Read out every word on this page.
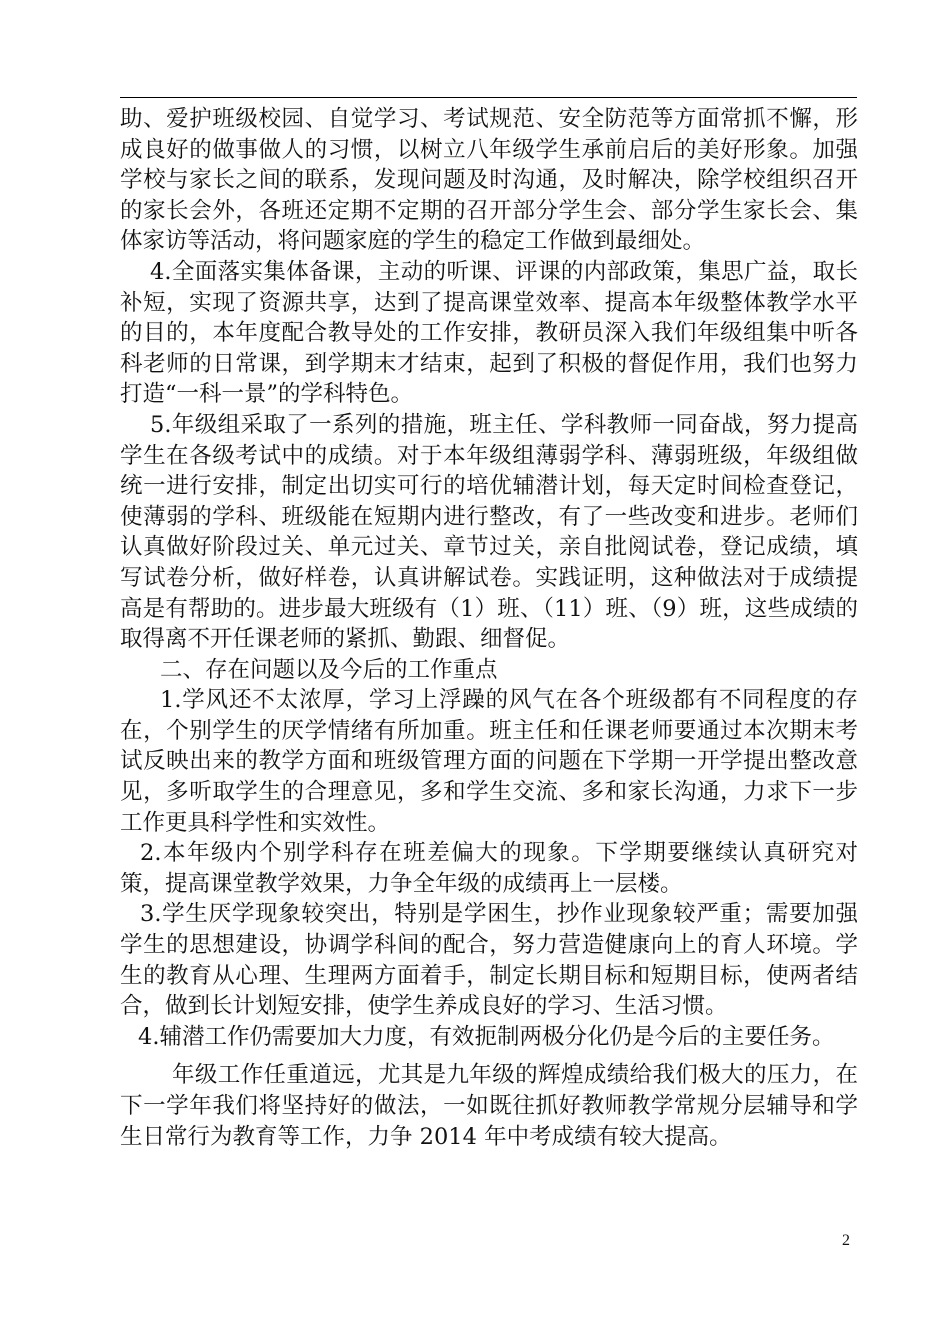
助、爱护班级校园、自觉学习、考试规范、安全防范等方面常抓不懈，形成良好的做事做人的习惯，以树立八年级学生承前启后的美好形象。加强学校与家长之间的联系，发现问题及时沟通，及时解决，除学校组织召开的家长会外，各班还定期不定期的召开部分学生会、部分学生家长会、集体家访等活动，将问题家庭的学生的稳定工作做到最细处。

4.全面落实集体备课，主动的听课、评课的内部政策，集思广益，取长补短，实现了资源共享，达到了提高课堂效率、提高本年级整体教学水平的目的，本年度配合教导处的工作安排，教研员深入我们年级组集中听各科老师的日常课，到学期末才结束，起到了积极的督促作用，我们也努力打造“一科一景”的学科特色。

5.年级组采取了一系列的措施，班主任、学科教师一同奋战，努力提高学生在各级考试中的成绩。对于本年级组薄弱学科、薄弱班级，年级组做统一进行安排，制定出切实可行的培优辅潜计划，每天定时间检查登记，使薄弱的学科、班级能在短期内进行整改，有了一些改变和进步。老师们认真做好阶段过关、单元过关、章节过关，亲自批阅试卷，登记成绩，填写试卷分析，做好样卷，认真讲解试卷。实践证明，这种做法对于成绩提高是有帮助的。进步最大班级有（1）班、（11）班、（9）班，这些成绩的取得离不开任课老师的紧抓、勤跟、细督促。

二、存在问题以及今后的工作重点

1.学风还不太浓厚，学习上浮躁的风气在各个班级都有不同程度的存在，个别学生的厌学情绪有所加重。班主任和任课老师要通过本次期末考试反映出来的教学方面和班级管理方面的问题在下学期一开学提出整改意见，多听取学生的合理意见，多和学生交流、多和家长沟通，力求下一步工作更具科学性和实效性。

2.本年级内个别学科存在班差偏大的现象。下学期要继续认真研究对策，提高课堂教学效果，力争全年级的成绩再上一层楼。

3.学生厌学现象较突出，特别是学困生，抄作业现象较严重；需要加强学生的思想建设，协调学科间的配合，努力营造健康向上的育人环境。学生的教育从心理、生理两方面着手，制定长期目标和短期目标，使两者结合，做到长计划短安排，使学生养成良好的学习、生活习惯。

4.辅潜工作仍需要加大力度，有效扼制两极分化仍是今后的主要任务。

年级工作任重道远，尤其是九年级的辉煌成绩给我们极大的压力，在下一学年我们将坚持好的做法，一如既往抓好教师教学常规分层辅导和学生日常行为教育等工作，力争 2014 年中考成绩有较大提高。

2
